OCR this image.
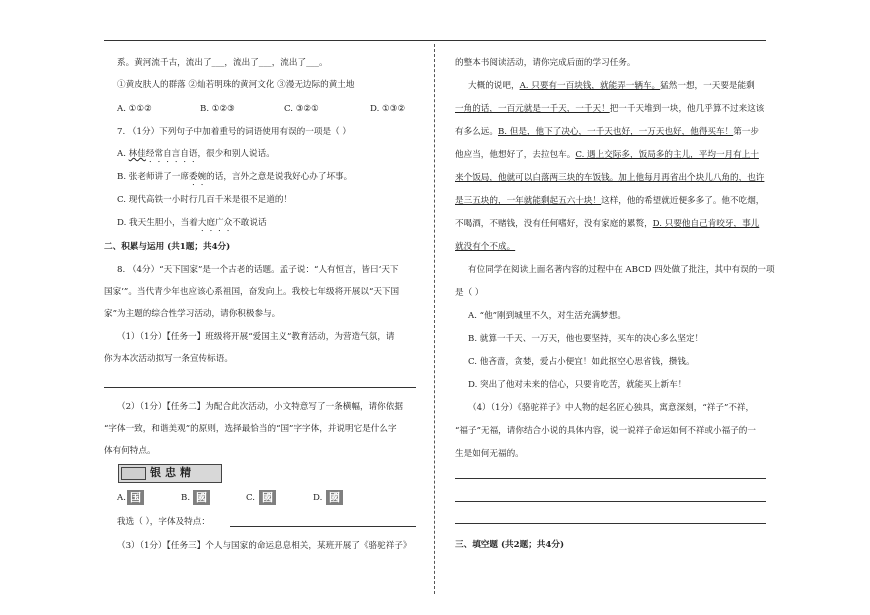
系。黄河流千古，流出了___，流出了___，流出了___。
①黄皮肤人的群落 ②灿若明珠的黄河文化 ③漫无边际的黄土地
A. ①①②	B. ①②③	C. ③②①	D. ①③②
7. （1分）下列句子中加着重号的词语使用有误的一项是（ ）
A. 林佳经常自言自语，很少和别人说话。
B. 张老师讲了一席委婉的话，言外之意是说我好心办了坏事。
C. 现代高铁一小时行几百千米是很不足道的！
D. 我天生胆小，当着大庭广众不敢说话
二、积累与运用 (共1题；共4分)
8. （4分）“天下国家”是一个古老的话题。孟子说：“人有恒言，皆曰‘天下
国家’”。当代青少年也应该心系祖国，奋发向上。我校七年级将开展以“天下国
家”为主题的综合性学习活动，请你积极参与。
（1）（1分）【任务一】班级将开展“爱国主义”教育活动，为营造气氛，请
你为本次活动拟写一条宣传标语。
（2）（1分）【任务二】为配合此次活动，小文特意写了一条横幅，请你依据
“字体一致，和谐美观”的原则，选择最恰当的“国”字字体，并说明它是什么字
体有何特点。
银忠精
A. 国	B. 國	C. 國	D. 國
我选（ ），字体及特点：
（3）（1分）【任务三】个人与国家的命运息息相关，某班开展了《骆驼祥子》
的整本书阅读活动，请你完成后面的学习任务。
大概的说吧，A. 只要有一百块钱，就能弄一辆车。猛然一想，一天要是能剩
一角的话，一百元就是一千天，一千天！把一千天堆到一块，他几乎算不过来这该
有多么远。B. 但是，他下了决心，一千天也好，一万天也好，他得买车！第一步
他应当，他想好了，去拉包车。C. 遇上交际多，饭局多的主儿，平均一月有上十
来个饭局，他就可以白落两三块的车饭钱。加上他每月再省出个块儿八角的，也许
是三五块的，一年就能剩起五六十块！这样，他的希望就近便多多了。他不吃烟，
不喝酒，不赌钱，没有任何嗜好，没有家庭的累赘，D. 只要他自己肯咬牙，事儿
就没有个不成。
有位同学在阅读上面名著内容的过程中在 ABCD 四处做了批注，其中有误的一项
是（ ）
A. “他”刚到城里不久，对生活充满梦想。
B. 就算一千天、一万天，他也要坚持，买车的决心多么坚定！
C. 他吝啬，贪婪，爱占小便宜！如此抠空心思省钱，攒钱。
D. 突出了他对未来的信心，只要肯吃苦，就能买上新车！
（4）（1分）《骆驼祥子》中人物的起名匠心独具，寓意深刻，“祥子”不祥，
“福子”无福，请你结合小说的具体内容，说一说祥子命运如何不祥或小福子的一
生是如何无福的。
三、填空题 (共2题；共4分)
